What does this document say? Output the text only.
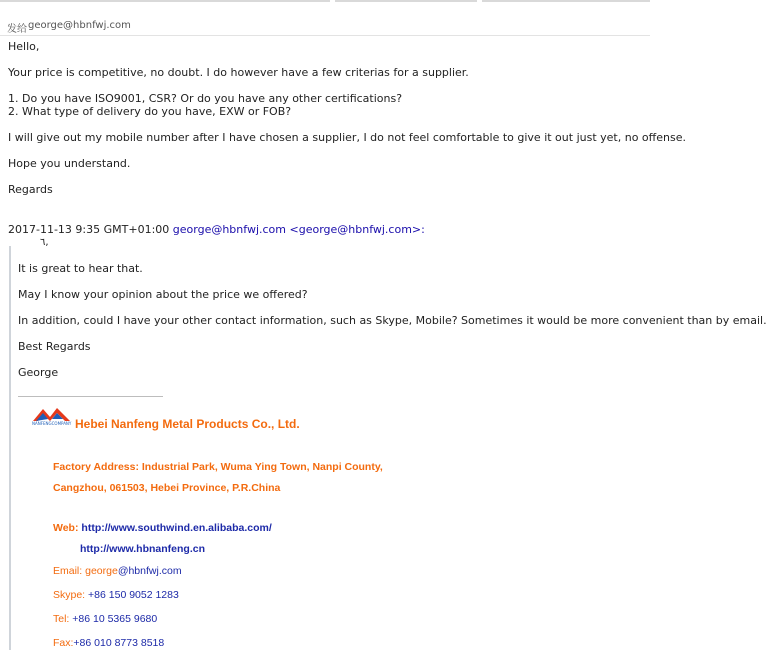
发给 george@hbnfwj.com
Hello,
Your price is competitive, no doubt. I do however have a few criterias for a supplier.
1. Do you have ISO9001, CSR? Or do you have any other certifications?
2. What type of delivery do you have, EXW or FOB?
I will give out my mobile number after I have chosen a supplier, I do not feel comfortable to give it out just yet, no offense.
Hope you understand.
Regards
2017-11-13 9:35 GMT+01:00 george@hbnfwj.com <george@hbnfwj.com>:
٦,
It is great to hear that.
May I know your opinion about the price we offered?
In addition, could I have your other contact information, such as Skype, Mobile? Sometimes it would be more convenient than by email.
Best Regards
George
NANFENGCOMPANY Hebei Nanfeng Metal Products Co., Ltd.
Factory Address: Industrial Park, Wuma Ying Town, Nanpi County,
Cangzhou, 061503, Hebei Province, P.R.China
Web: http://www.southwind.en.alibaba.com/
http://www.hbnanfeng.cn
Email: george@hbnfwj.com
Skype: +86 150 9052 1283
Tel: +86 10 5365 9680
Fax:+86 010 8773 8518
